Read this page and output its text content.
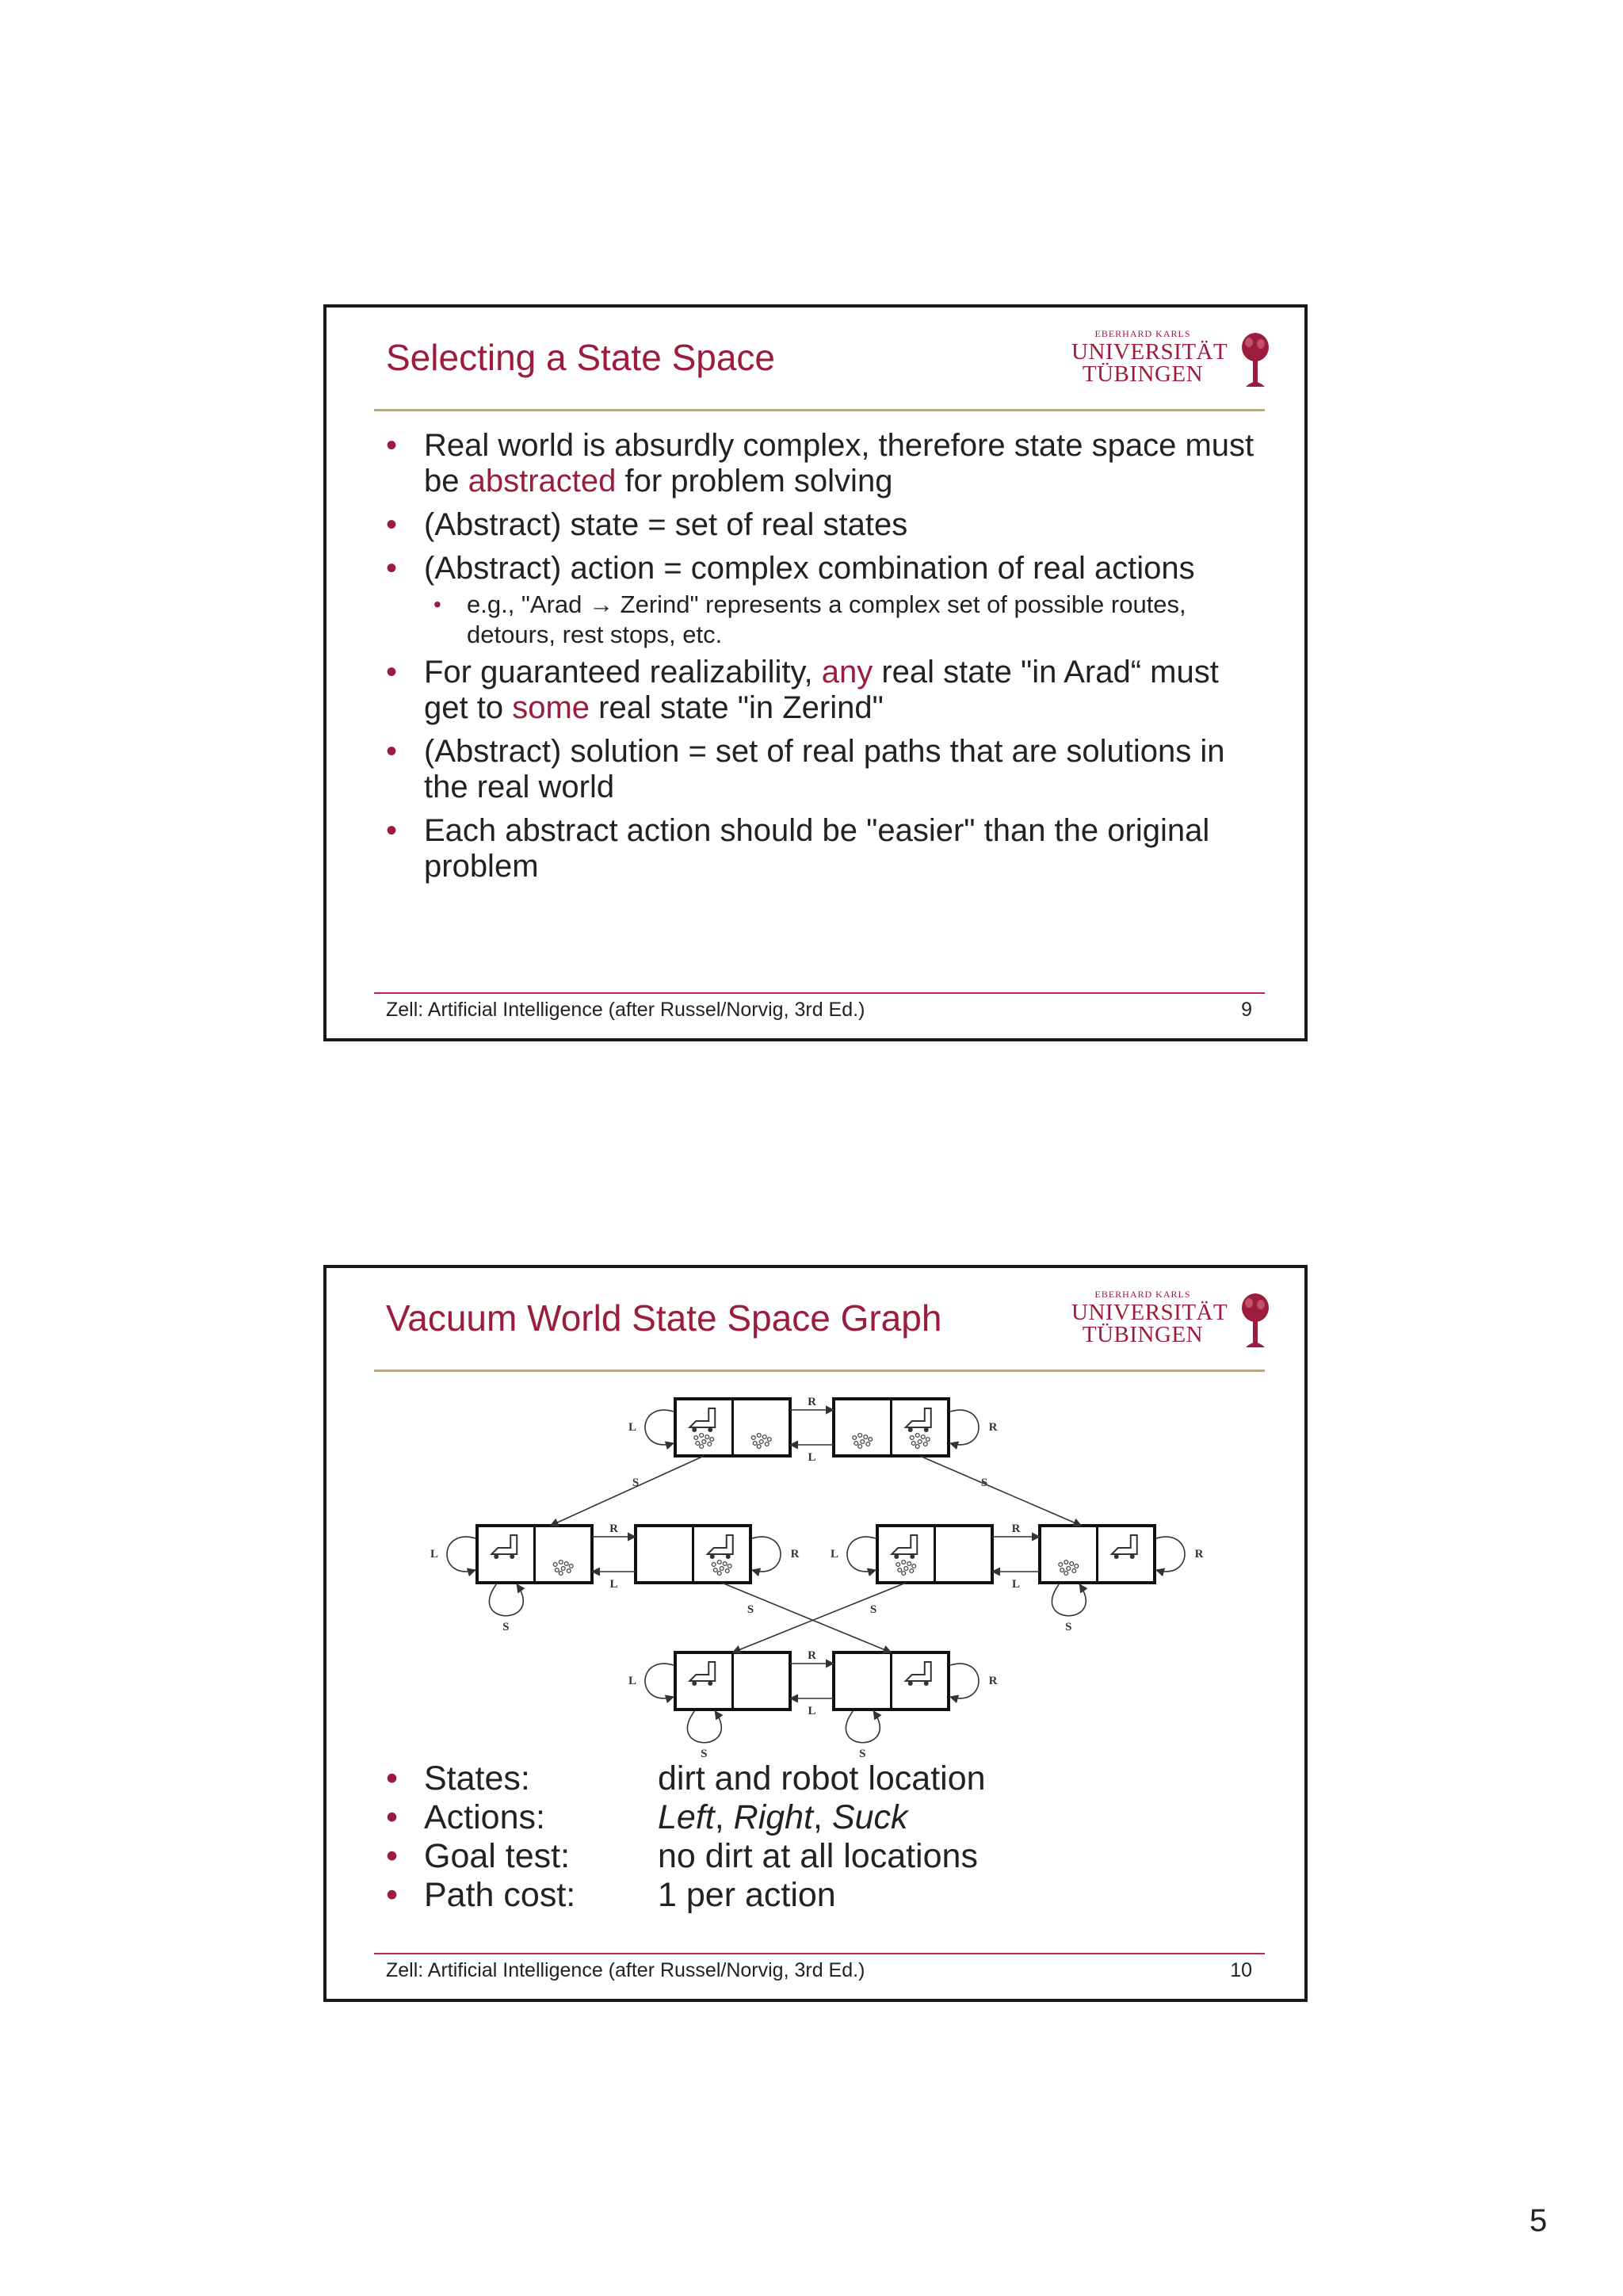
Selecting a State Space
EBERHARD KARLS
UNIVERSITÄT
TÜBINGEN
• Real world is absurdly complex, therefore state space must be abstracted for problem solving
• (Abstract) state = set of real states
• (Abstract) action = complex combination of real actions
• e.g., "Arad → Zerind" represents a complex set of possible routes, detours, rest stops, etc.
• For guaranteed realizability, any real state "in Arad“ must get to some real state "in Zerind"
• (Abstract) solution = set of real paths that are solutions in the real world
• Each abstract action should be "easier" than the original problem
Zell: Artificial Intelligence (after Russel/Norvig, 3rd Ed.)	9
Vacuum World State Space Graph
EBERHARD KARLS
UNIVERSITÄT
TÜBINGEN
R
L
R
L
R
L
R
L
L	R
L	R	L	R
L	R
S	S
S	S
S	S
S	S
• States:	dirt and robot location
• Actions:	Left, Right, Suck
• Goal test:	no dirt at all locations
• Path cost: 1 per action
Zell: Artificial Intelligence (after Russel/Norvig, 3rd Ed.)	10
5
